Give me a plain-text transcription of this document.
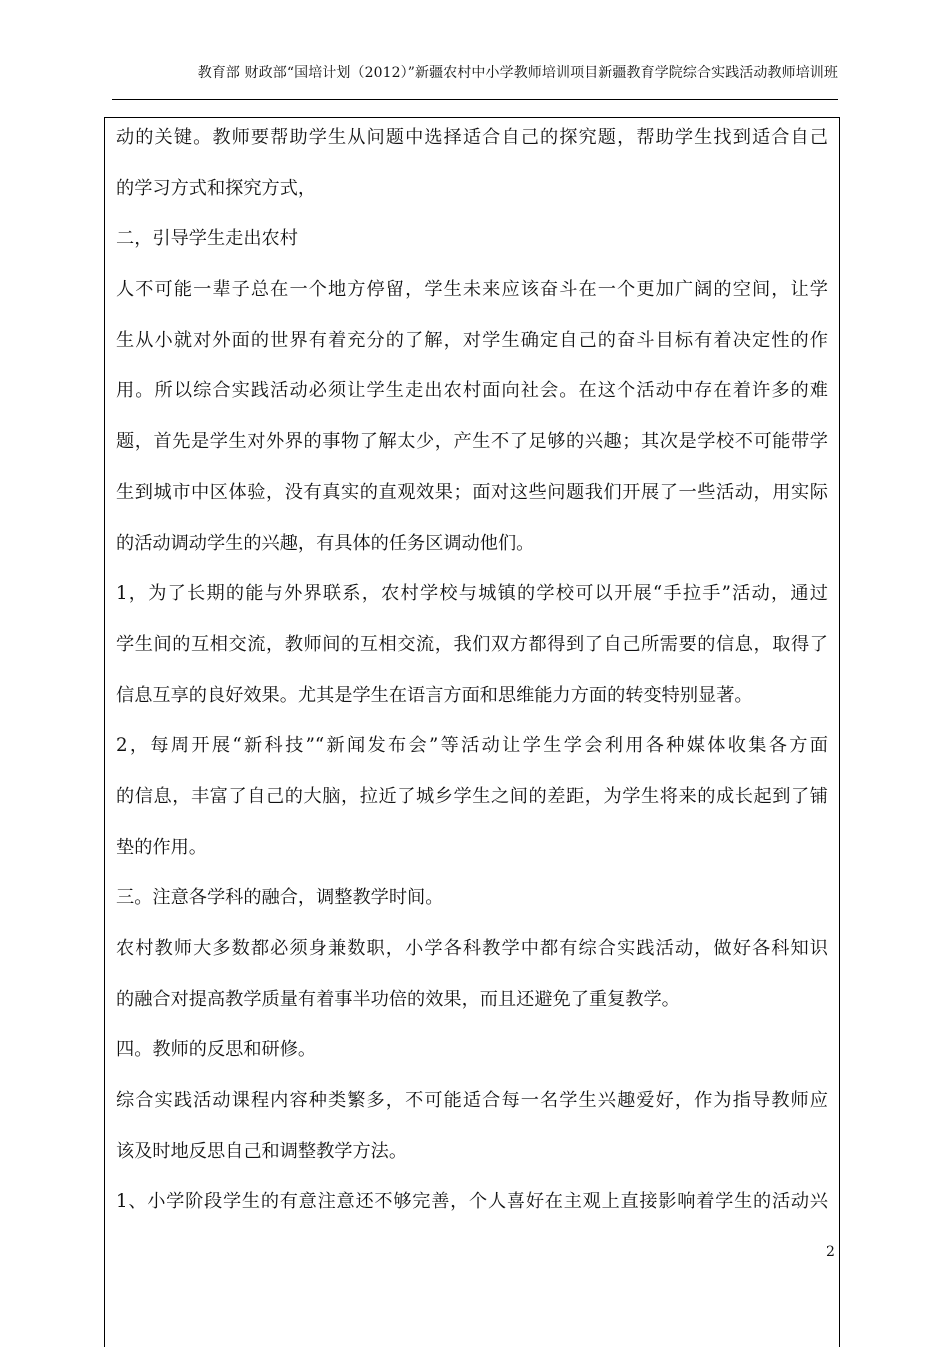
教育部 财政部“国培计划（2012）”新疆农村中小学教师培训项目新疆教育学院综合实践活动教师培训班
动的关键。教师要帮助学生从问题中选择适合自己的探究题，帮助学生找到适合自己
的学习方式和探究方式，
二，引导学生走出农村
人不可能一辈子总在一个地方停留，学生未来应该奋斗在一个更加广阔的空间，让学
生从小就对外面的世界有着充分的了解，对学生确定自己的奋斗目标有着决定性的作
用。所以综合实践活动必须让学生走出农村面向社会。在这个活动中存在着许多的难
题，首先是学生对外界的事物了解太少，产生不了足够的兴趣；其次是学校不可能带学
生到城市中区体验，没有真实的直观效果；面对这些问题我们开展了一些活动，用实际
的活动调动学生的兴趣，有具体的任务区调动他们。
1，为了长期的能与外界联系，农村学校与城镇的学校可以开展“手拉手”活动，通过
学生间的互相交流，教师间的互相交流，我们双方都得到了自己所需要的信息，取得了
信息互享的良好效果。尤其是学生在语言方面和思维能力方面的转变特别显著。
2，每周开展“新科技”“新闻发布会”等活动让学生学会利用各种媒体收集各方面
的信息，丰富了自己的大脑，拉近了城乡学生之间的差距，为学生将来的成长起到了铺
垫的作用。
三。注意各学科的融合，调整教学时间。
农村教师大多数都必须身兼数职，小学各科教学中都有综合实践活动，做好各科知识
的融合对提高教学质量有着事半功倍的效果，而且还避免了重复教学。
四。教师的反思和研修。
综合实践活动课程内容种类繁多，不可能适合每一名学生兴趣爱好，作为指导教师应
该及时地反思自己和调整教学方法。
1、小学阶段学生的有意注意还不够完善，个人喜好在主观上直接影响着学生的活动兴
2
